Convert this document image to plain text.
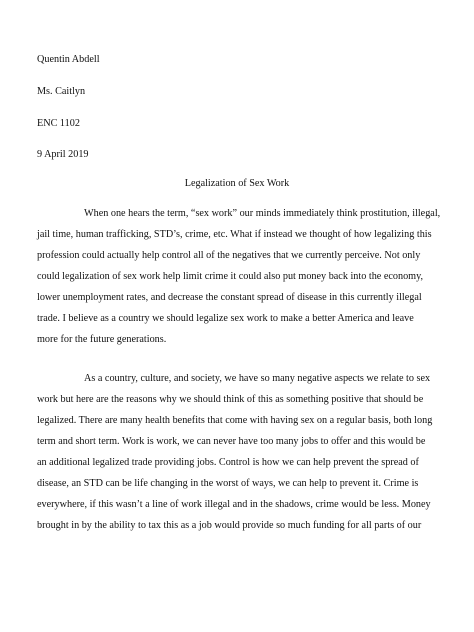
Quentin Abdell
Ms. Caitlyn
ENC 1102
9 April 2019
Legalization of Sex Work
When one hears the term, “sex work” our minds immediately think prostitution, illegal,
jail time, human trafficking, STD’s, crime, etc. What if instead we thought of how legalizing this
profession could actually help control all of the negatives that we currently perceive. Not only
could legalization of sex work help limit crime it could also put money back into the economy,
lower unemployment rates, and decrease the constant spread of disease in this currently illegal
trade. I believe as a country we should legalize sex work to make a better America and leave
more for the future generations.
As a country, culture, and society, we have so many negative aspects we relate to sex
work but here are the reasons why we should think of this as something positive that should be
legalized. There are many health benefits that come with having sex on a regular basis, both long
term and short term. Work is work, we can never have too many jobs to offer and this would be
an additional legalized trade providing jobs. Control is how we can help prevent the spread of
disease, an STD can be life changing in the worst of ways, we can help to prevent it. Crime is
everywhere, if this wasn’t a line of work illegal and in the shadows, crime would be less. Money
brought in by the ability to tax this as a job would provide so much funding for all parts of our
